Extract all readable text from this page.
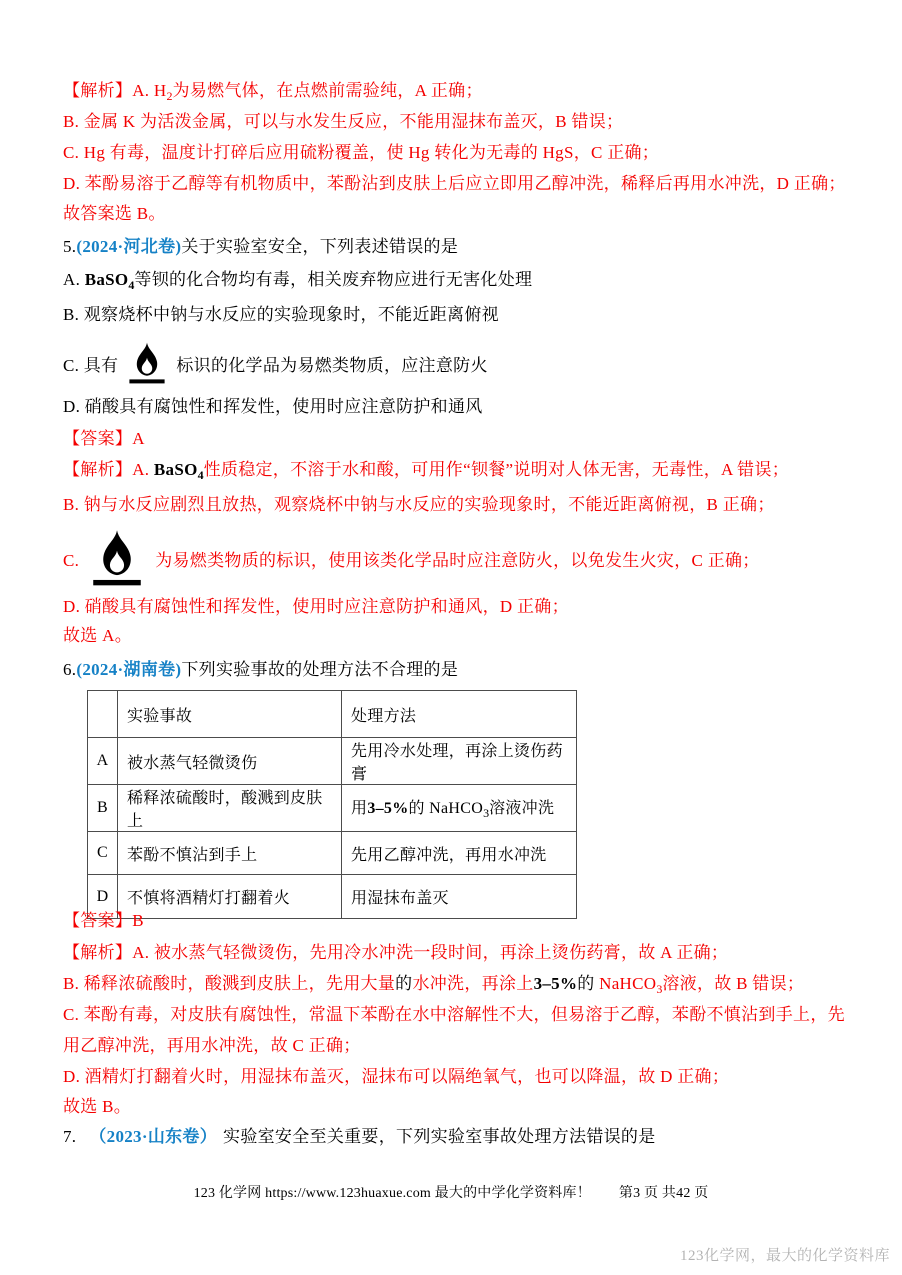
【解析】A. $H_2$为易燃气体，在点燃前需验纯，A 正确；
B. 金属 K 为活泼金属，可以与水发生反应，不能用湿抹布盖灭，B 错误；
C. Hg 有毒，温度计打碎后应用硫粉覆盖，使 Hg 转化为无毒的 HgS，C 正确；
D. 苯酚易溶于乙醇等有机物质中，苯酚沾到皮肤上后应立即用乙醇冲洗，稀释后再用水冲洗，D 正确；
故答案选 B。
5.(2024·河北卷)关于实验室安全，下列表述错误的是
A. BaSO$_4$等钡的化合物均有毒，相关废弃物应进行无害化处理
B. 观察烧杯中钠与水反应的实验现象时，不能近距离俯视
C. 具有	标识的化学品为易燃类物质，应注意防火
D. 硝酸具有腐蚀性和挥发性，使用时应注意防护和通风
【答案】A
【解析】A. BaSO$_4$性质稳定，不溶于水和酸，可用作“钡餐”说明对人体无害，无毒性，A 错误；
B. 钠与水反应剧烈且放热，观察烧杯中钠与水反应的实验现象时，不能近距离俯视，B 正确；
C.	为易燃类物质的标识，使用该类化学品时应注意防火，以免发生火灾，C 正确；
D. 硝酸具有腐蚀性和挥发性，使用时应注意防护和通风，D 正确；
故选 A。
6.(2024·湖南卷)下列实验事故的处理方法不合理的是
	实验事故	处理方法
A	被水蒸气轻微烫伤	先用冷水处理，再涂上烫伤药膏
B	稀释浓硫酸时，酸溅到皮肤上	用3–5%的 NaHCO$_3$溶液冲洗
C	苯酚不慎沾到手上	先用乙醇冲洗，再用水冲洗
D	不慎将酒精灯打翻着火	用湿抹布盖灭
【答案】B
【解析】A. 被水蒸气轻微烫伤，先用冷水冲洗一段时间，再涂上烫伤药膏，故 A 正确；
B. 稀释浓硫酸时，酸溅到皮肤上，先用大量的水冲洗，再涂上3–5%的 NaHCO$_3$溶液，故 B 错误；
C. 苯酚有毒，对皮肤有腐蚀性，常温下苯酚在水中溶解性不大，但易溶于乙醇，苯酚不慎沾到手上，先
用乙醇冲洗，再用水冲洗，故 C 正确；
D. 酒精灯打翻着火时，用湿抹布盖灭，湿抹布可以隔绝氧气，也可以降温，故 D 正确；
故选 B。
7. （2023·山东卷） 实验室安全至关重要，下列实验室事故处理方法错误的是
123 化学网 https://www.123huaxue.com 最大的中学化学资料库！ 第3 页 共42 页
123化学网，最大的化学资料库
